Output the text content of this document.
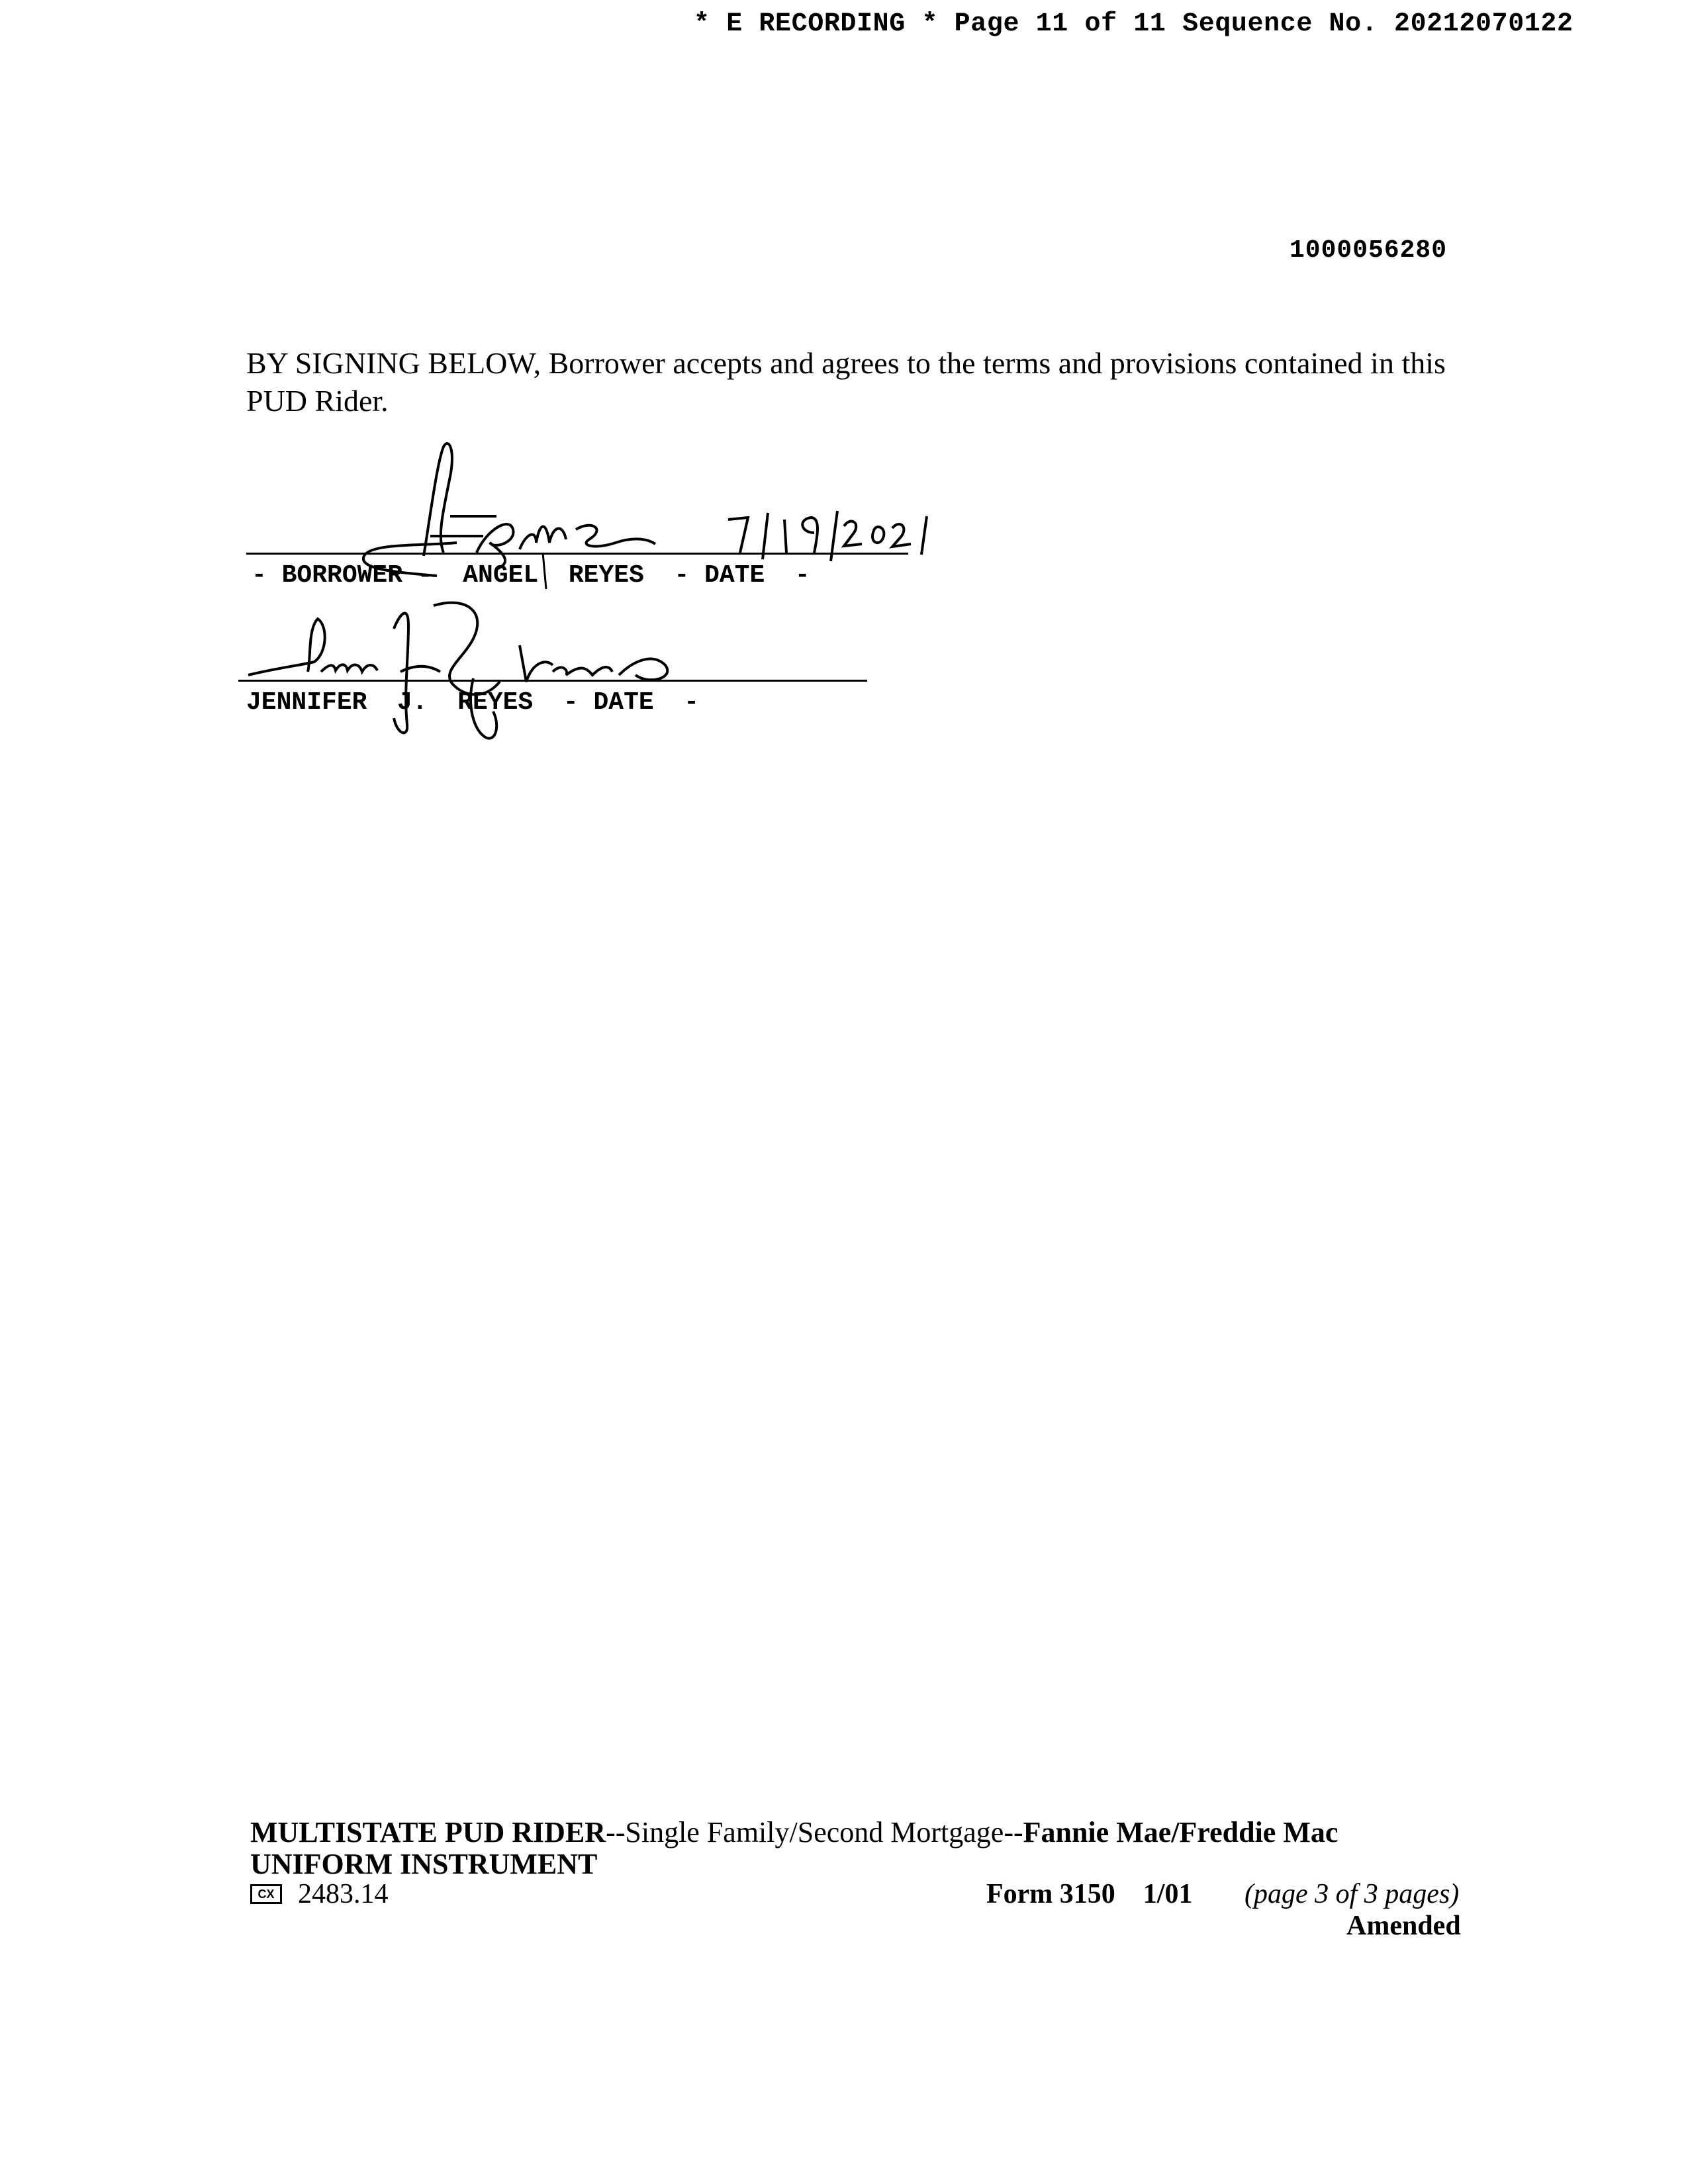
* E RECORDING * Page 11 of 11 Sequence No. 20212070122
1000056280
BY SIGNING BELOW, Borrower accepts and agrees to the terms and provisions contained in this PUD Rider.
- BORROWER -  ANGEL  REYES  - DATE  -
JENNIFER  J.  REYES  - DATE  -
MULTISTATE PUD RIDER--Single Family/Second Mortgage--Fannie Mae/Freddie Mac UNIFORM INSTRUMENT
CX 2483.14	Form 3150    1/01 (page 3 of 3 pages)
Amended
